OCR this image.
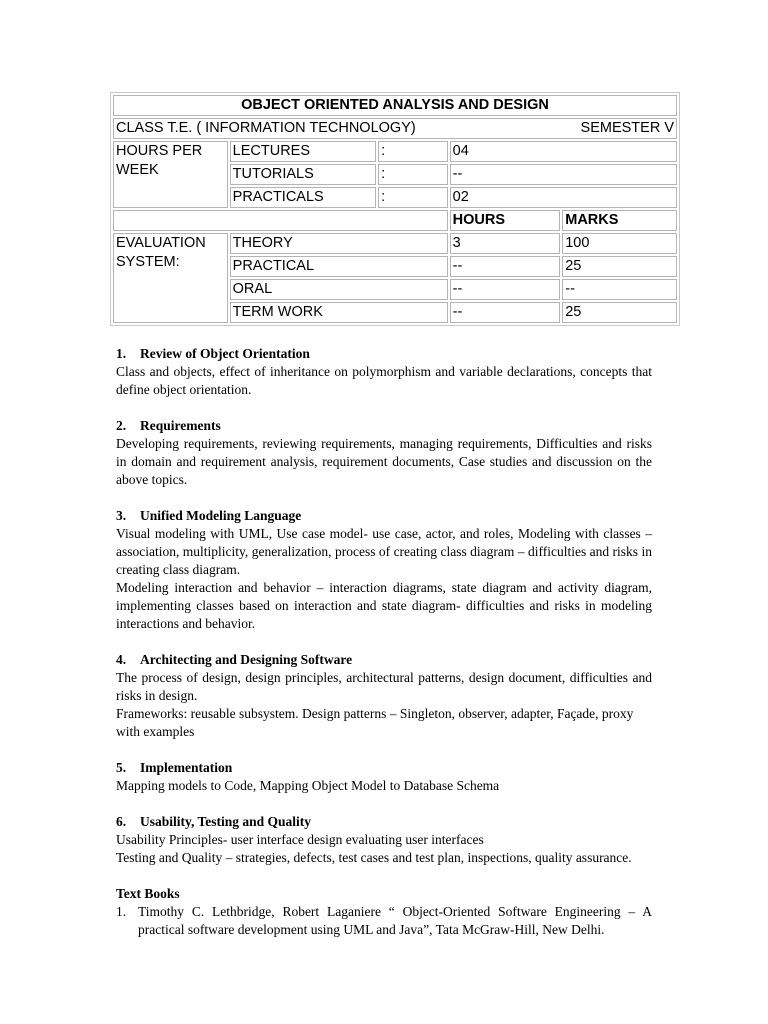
OBJECT ORIENTED ANALYSIS AND DESIGN				

CLASS T.E. ( INFORMATION TECHNOLOGY) SEMESTER V				

HOURS PER WEEK	LECTURES	:	04	
	TUTORIALS	:	--	
	PRACTICALS	:	02	
			HOURS	MARKS
EVALUATION SYSTEM:	THEORY		3	100
	PRACTICAL		--	25
	ORAL		--	--
	TERM WORK		--	25
1. Review of Object Orientation

Class and objects, effect of inheritance on polymorphism and variable declarations, concepts that define object orientation.

2. Requirements

Developing requirements, reviewing requirements, managing requirements, Difficulties and risks in domain and requirement analysis, requirement documents, Case studies and discussion on the above topics.

3. Unified Modeling Language

Visual modeling with UML, Use case model- use case, actor, and roles, Modeling with classes – association, multiplicity, generalization, process of creating class diagram – difficulties and risks in creating class diagram.

Modeling interaction and behavior – interaction diagrams, state diagram and activity diagram, implementing classes based on interaction and state diagram- difficulties and risks in modeling interactions and behavior.

4. Architecting and Designing Software

The process of design, design principles, architectural patterns, design document, difficulties and risks in design.

Frameworks: reusable subsystem. Design patterns – Singleton, observer, adapter, Façade, proxy with examples

5. Implementation

Mapping models to Code, Mapping Object Model to Database Schema

6. Usability, Testing and Quality

Usability Principles- user interface design evaluating user interfaces

Testing and Quality – strategies, defects, test cases and test plan, inspections, quality assurance.

Text Books
1. Timothy C. Lethbridge, Robert Laganiere “ Object-Oriented Software Engineering – A practical software development using UML and Java”, Tata McGraw-Hill, New Delhi.
